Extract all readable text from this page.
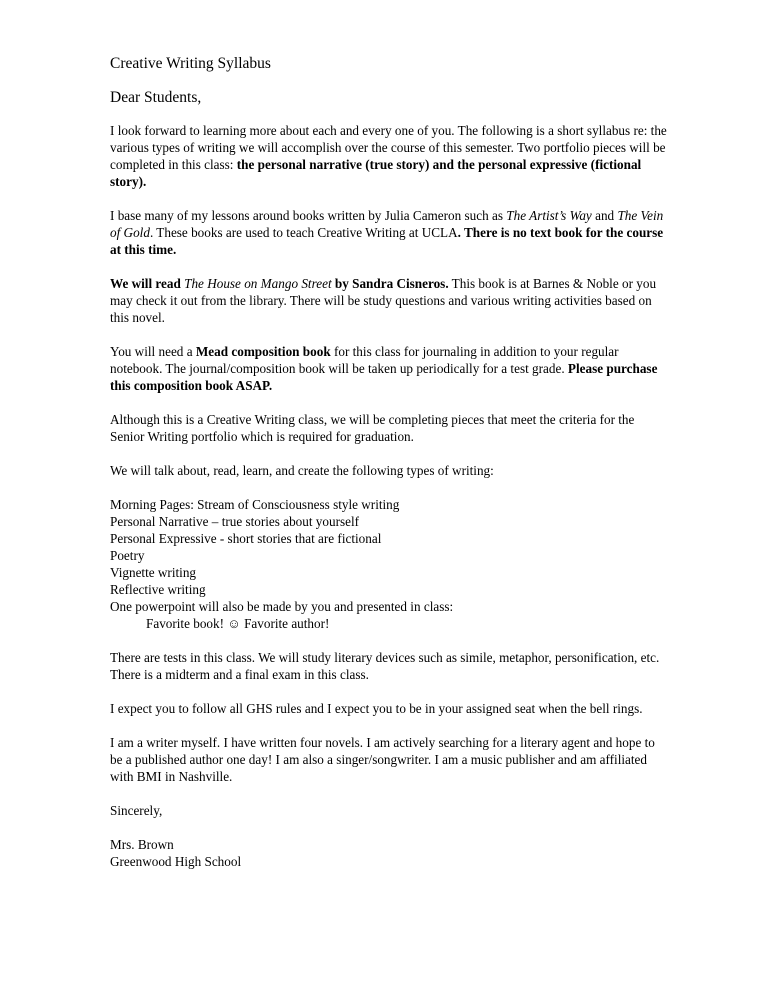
Creative Writing Syllabus
Dear Students,

I look forward to learning more about each and every one of you. The following is a short syllabus re: the various types of writing we will accomplish over the course of this semester. Two portfolio pieces will be completed in this class: the personal narrative (true story) and the personal expressive (fictional story).

I base many of my lessons around books written by Julia Cameron such as The Artist’s Way and The Vein of Gold. These books are used to teach Creative Writing at UCLA. There is no text book for the course at this time.

We will read The House on Mango Street by Sandra Cisneros. This book is at Barnes & Noble or you may check it out from the library. There will be study questions and various writing activities based on this novel.

You will need a Mead composition book for this class for journaling in addition to your regular notebook. The journal/composition book will be taken up periodically for a test grade. Please purchase this composition book ASAP.

Although this is a Creative Writing class, we will be completing pieces that meet the criteria for the Senior Writing portfolio which is required for graduation.

We will talk about, read, learn, and create the following types of writing:

Morning Pages: Stream of Consciousness style writing
Personal Narrative – true stories about yourself
Personal Expressive - short stories that are fictional
Poetry
Vignette writing
Reflective writing
One powerpoint will also be made by you and presented in class:
Favorite book! ☺ Favorite author!

There are tests in this class. We will study literary devices such as simile, metaphor, personification, etc. There is a midterm and a final exam in this class.

I expect you to follow all GHS rules and I expect you to be in your assigned seat when the bell rings.

I am a writer myself. I have written four novels. I am actively searching for a literary agent and hope to be a published author one day! I am also a singer/songwriter. I am a music publisher and am affiliated with BMI in Nashville.

Sincerely,
Mrs. Brown
Greenwood High School
